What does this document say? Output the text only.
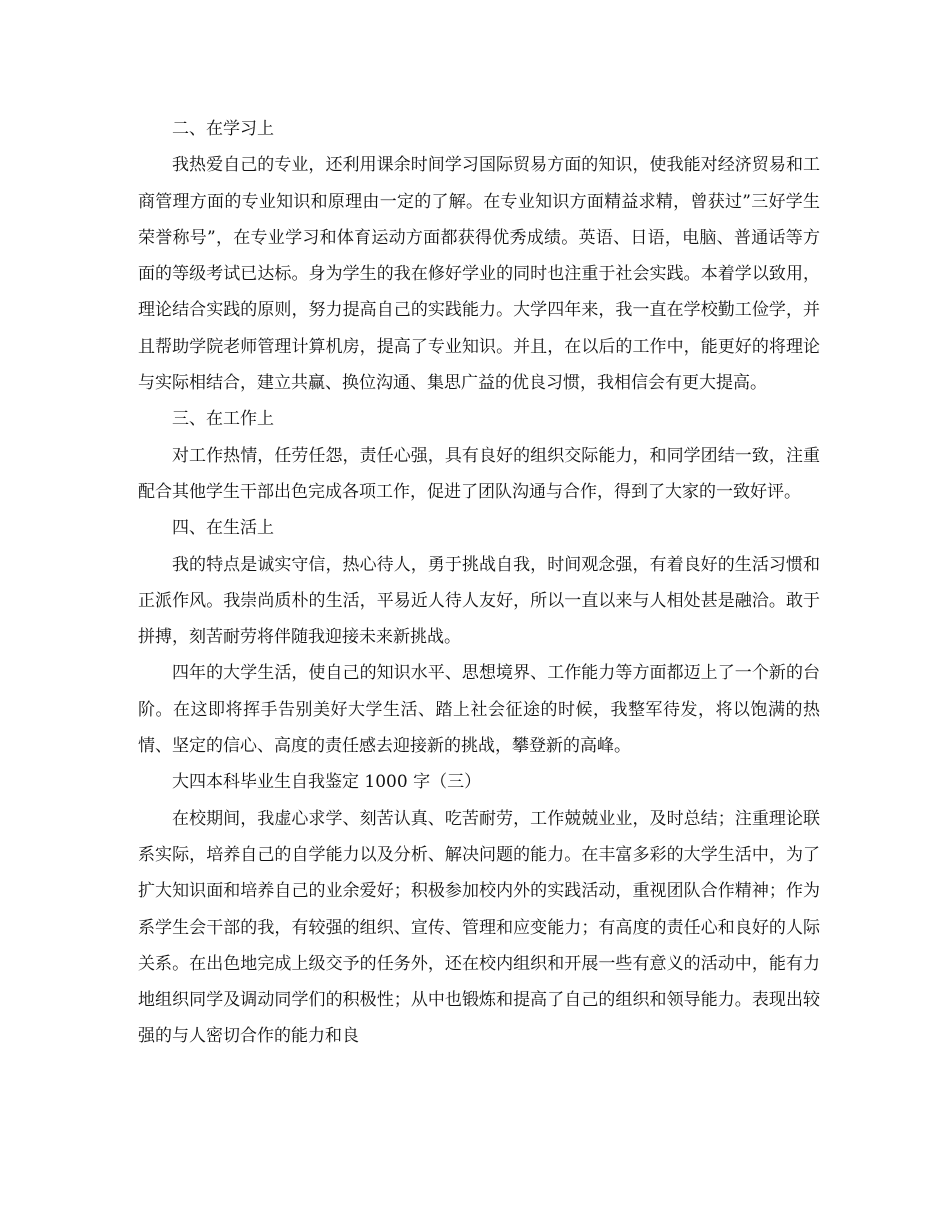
二、在学习上

我热爱自己的专业，还利用课余时间学习国际贸易方面的知识，使我能对经济贸易和工商管理方面的专业知识和原理由一定的了解。在专业知识方面精益求精，曾获过”三好学生荣誉称号”，在专业学习和体育运动方面都获得优秀成绩。英语、日语，电脑、普通话等方面的等级考试已达标。身为学生的我在修好学业的同时也注重于社会实践。本着学以致用，理论结合实践的原则，努力提高自己的实践能力。大学四年来，我一直在学校勤工俭学，并且帮助学院老师管理计算机房，提高了专业知识。并且，在以后的工作中，能更好的将理论与实际相结合，建立共赢、换位沟通、集思广益的优良习惯，我相信会有更大提高。

三、在工作上

对工作热情，任劳任怨，责任心强，具有良好的组织交际能力，和同学团结一致，注重配合其他学生干部出色完成各项工作，促进了团队沟通与合作，得到了大家的一致好评。

四、在生活上

我的特点是诚实守信，热心待人，勇于挑战自我，时间观念强，有着良好的生活习惯和正派作风。我崇尚质朴的生活，平易近人待人友好，所以一直以来与人相处甚是融洽。敢于拼搏，刻苦耐劳将伴随我迎接未来新挑战。

四年的大学生活，使自己的知识水平、思想境界、工作能力等方面都迈上了一个新的台阶。在这即将挥手告别美好大学生活、踏上社会征途的时候，我整军待发，将以饱满的热情、坚定的信心、高度的责任感去迎接新的挑战，攀登新的高峰。

大四本科毕业生自我鉴定 1000 字（三）

在校期间，我虚心求学、刻苦认真、吃苦耐劳，工作兢兢业业，及时总结；注重理论联系实际，培养自己的自学能力以及分析、解决问题的能力。在丰富多彩的大学生活中，为了扩大知识面和培养自己的业余爱好；积极参加校内外的实践活动，重视团队合作精神；作为系学生会干部的我，有较强的组织、宣传、管理和应变能力；有高度的责任心和良好的人际关系。在出色地完成上级交予的任务外，还在校内组织和开展一些有意义的活动中，能有力地组织同学及调动同学们的积极性；从中也锻炼和提高了自己的组织和领导能力。表现出较强的与人密切合作的能力和良
